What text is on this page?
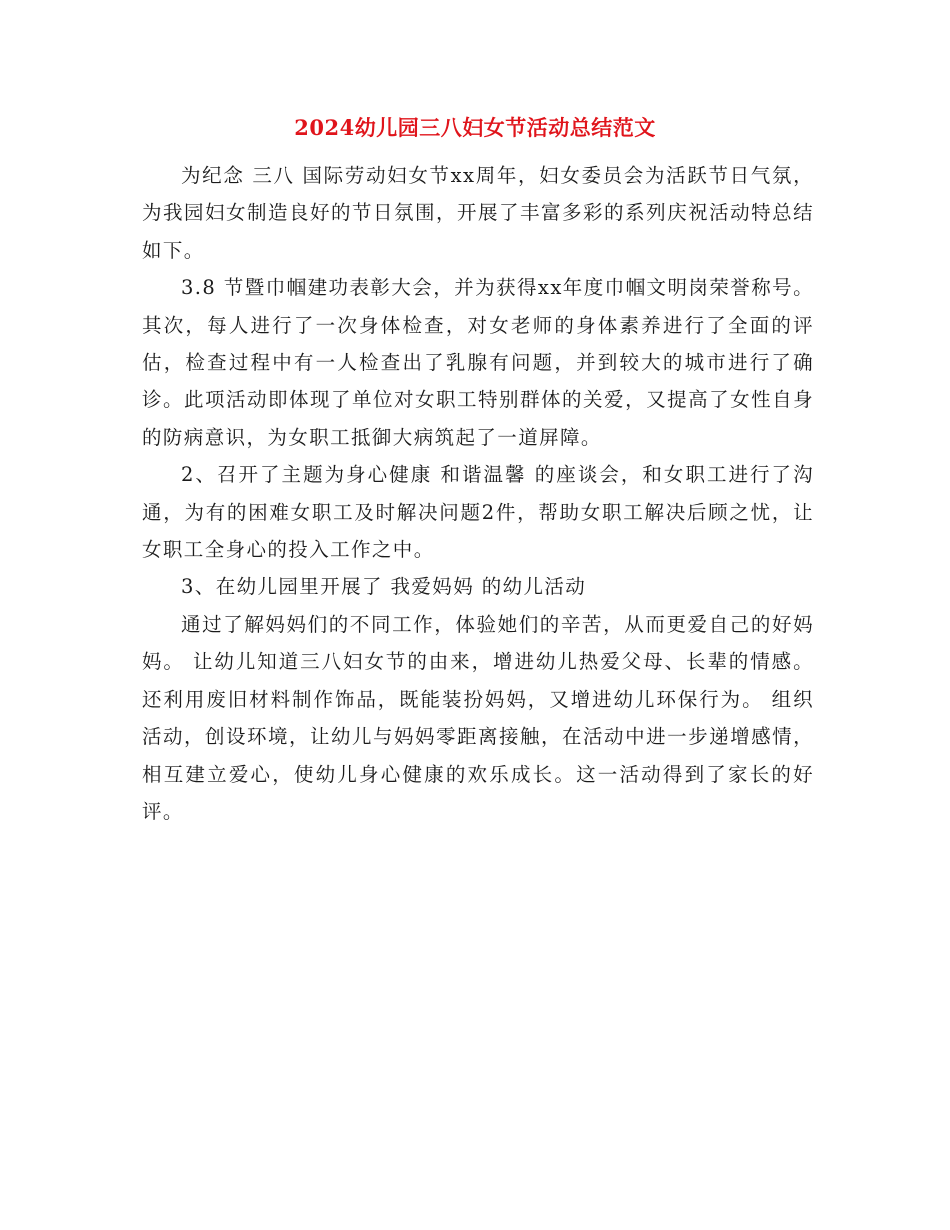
2024幼儿园三八妇女节活动总结范文

为纪念 三八 国际劳动妇女节xx周年，妇女委员会为活跃节日气氛，为我园妇女制造良好的节日氛围，开展了丰富多彩的系列庆祝活动特总结如下。

3.8 节暨巾帼建功表彰大会，并为获得xx年度巾帼文明岗荣誉称号。 其次，每人进行了一次身体检查，对女老师的身体素养进行了全面的评估，检查过程中有一人检查出了乳腺有问题，并到较大的城市进行了确诊。此项活动即体现了单位对女职工特别群体的关爱，又提高了女性自身的防病意识，为女职工抵御大病筑起了一道屏障。

2、召开了主题为身心健康 和谐温馨 的座谈会，和女职工进行了沟通，为有的困难女职工及时解决问题2件，帮助女职工解决后顾之忧，让女职工全身心的投入工作之中。

3、在幼儿园里开展了 我爱妈妈 的幼儿活动

通过了解妈妈们的不同工作，体验她们的辛苦，从而更爱自己的好妈妈。 让幼儿知道三八妇女节的由来，增进幼儿热爱父母、长辈的情感。 还利用废旧材料制作饰品，既能装扮妈妈，又增进幼儿环保行为。 组织活动，创设环境，让幼儿与妈妈零距离接触，在活动中进一步递增感情，相互建立爱心，使幼儿身心健康的欢乐成长。这一活动得到了家长的好评。
